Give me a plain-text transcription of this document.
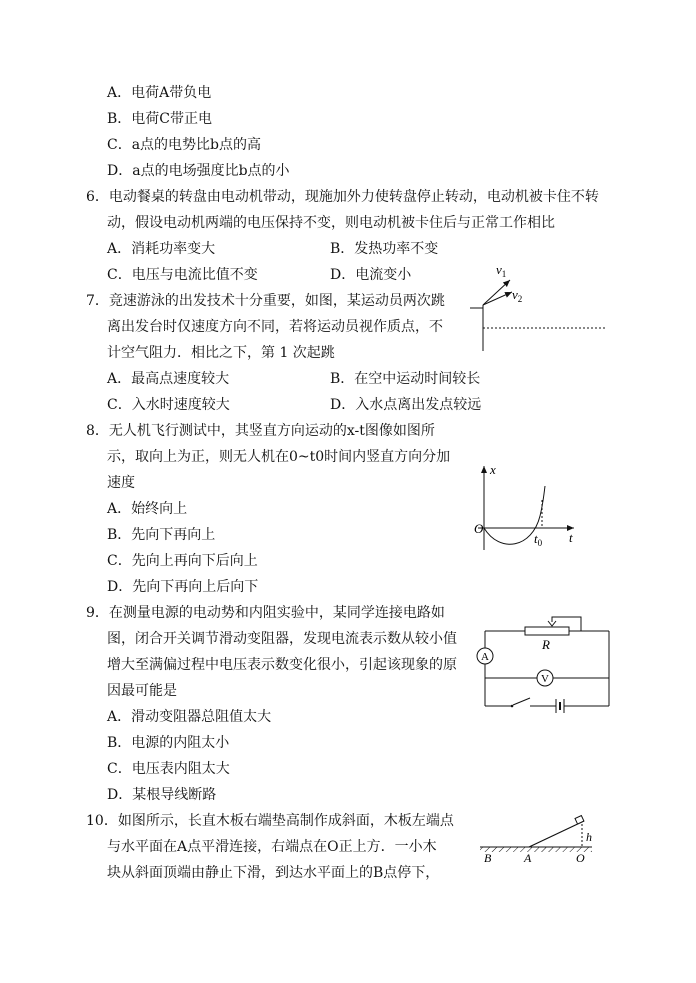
A．电荷A带负电
B．电荷C带正电
C．a点的电势比b点的高
D．a点的电场强度比b点的小
6．电动餐桌的转盘由电动机带动，现施加外力使转盘停止转动，电动机被卡住不转
动，假设电动机两端的电压保持不变，则电动机被卡住后与正常工作相比
A．消耗功率变大	B．发热功率不变
C．电压与电流比值不变	D．电流变小
7．竞速游泳的出发技术十分重要，如图，某运动员两次跳
离出发台时仅速度方向不同，若将运动员视作质点，不
计空气阻力．相比之下，第 1 次起跳
A．最高点速度较大	B．在空中运动时间较长
C．入水时速度较大	D．入水点离出发点较远
$v_1$
$v_2$
8．无人机飞行测试中，其竖直方向运动的x-t图像如图所
示，取向上为正，则无人机在0~t0时间内竖直方向分加
速度
A．始终向上
B．先向下再向上
C．先向上再向下后向上
D．先向下再向上后向下
x
t
O
$t_0$
9．在测量电源的电动势和内阻实验中，某同学连接电路如
图，闭合开关调节滑动变阻器，发现电流表示数从较小值
增大至满偏过程中电压表示数变化很小，引起该现象的原
因最可能是
A．滑动变阻器总阻值太大
B．电源的内阻太小
C．电压表内阻太大
D．某根导线断路
R
A
V
10．如图所示，长直木板右端垫高制作成斜面，木板左端点
与水平面在A点平滑连接，右端点在O正上方．一小木
块从斜面顶端由静止下滑，到达水平面上的B点停下，
h
B	A	O
